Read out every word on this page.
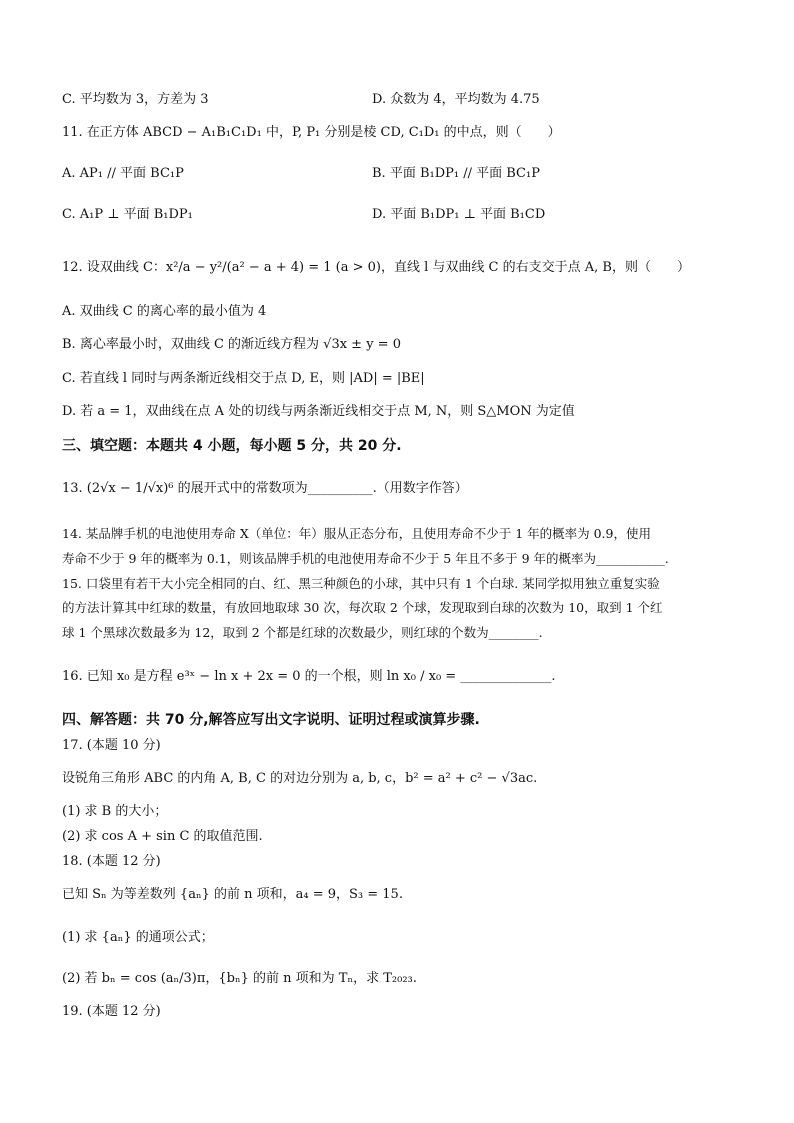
C. 平均数为 3，方差为 3	D. 众数为 4，平均数为 4.75
11. 在正方体 ABCD − A₁B₁C₁D₁ 中，P, P₁ 分别是棱 CD, C₁D₁ 的中点，则（　　）
A. AP₁ // 平面 BC₁P	B. 平面 B₁DP₁ // 平面 BC₁P
C. A₁P ⊥ 平面 B₁DP₁	D. 平面 B₁DP₁ ⊥ 平面 B₁CD
12. 设双曲线 C：x²/a − y²/(a² − a + 4) = 1 (a > 0)，直线 l 与双曲线 C 的右支交于点 A, B，则（　　）
A. 双曲线 C 的离心率的最小值为 4
B. 离心率最小时，双曲线 C 的渐近线方程为 √3x ± y = 0
C. 若直线 l 同时与两条渐近线相交于点 D, E，则 |AD| = |BE|
D. 若 a = 1，双曲线在点 A 处的切线与两条渐近线相交于点 M, N，则 S△MON 为定值
三、填空题：本题共 4 小题，每小题 5 分，共 20 分.
13. (2√x − 1/√x)⁶ 的展开式中的常数项为__________.（用数字作答）
14. 某品牌手机的电池使用寿命 X（单位：年）服从正态分布，且使用寿命不少于 1 年的概率为 0.9，使用
寿命不少于 9 年的概率为 0.1，则该品牌手机的电池使用寿命不少于 5 年且不多于 9 年的概率为___________.
15. 口袋里有若干大小完全相同的白、红、黑三种颜色的小球，其中只有 1 个白球. 某同学拟用独立重复实验
的方法计算其中红球的数量，有放回地取球 30 次，每次取 2 个球，发现取到白球的次数为 10，取到 1 个红
球 1 个黑球次数最多为 12，取到 2 个都是红球的次数最少，则红球的个数为________.
16. 已知 x₀ 是方程 e³ˣ − ln x + 2x = 0 的一个根，则 ln x₀ / x₀ = ______________.
四、解答题：共 70 分,解答应写出文字说明、证明过程或演算步骤.
17. (本题 10 分)
设锐角三角形 ABC 的内角 A, B, C 的对边分别为 a, b, c，b² = a² + c² − √3ac.
(1) 求 B 的大小；
(2) 求 cos A + sin C 的取值范围.
18. (本题 12 分)
已知 Sₙ 为等差数列 {aₙ} 的前 n 项和，a₄ = 9，S₃ = 15.
(1) 求 {aₙ} 的通项公式；
(2) 若 bₙ = cos (aₙ/3)π，{bₙ} 的前 n 项和为 Tₙ，求 T₂₀₂₃.
19. (本题 12 分)
